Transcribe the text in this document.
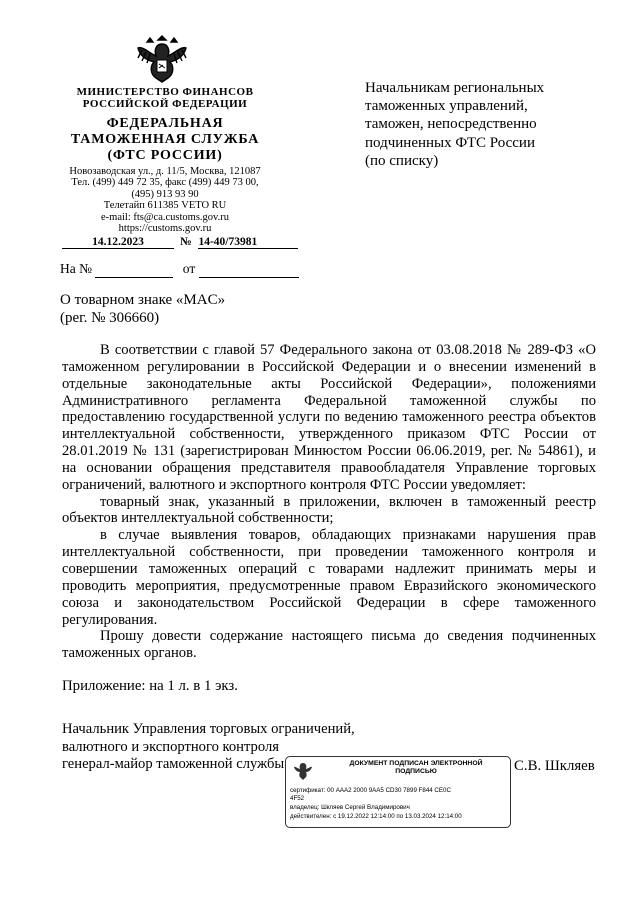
МИНИСТЕРСТВО ФИНАНСОВ
РОССИЙСКОЙ ФЕДЕРАЦИИ
ФЕДЕРАЛЬНАЯ
ТАМОЖЕННАЯ СЛУЖБА
(ФТС РОССИИ)
Новозаводская ул., д. 11/5, Москва, 121087
Тел. (499) 449 72 35, факс (499) 449 73 00,
(495) 913 93 90
Телетайп 611385 VETO RU
e-mail: fts@ca.customs.gov.ru
https://customs.gov.ru
14.12.2023	№ 14-40/73981
На №	от
Начальникам региональных
таможенных управлений,
таможен, непосредственно
подчиненных ФТС России
(по списку)
О товарном знаке «MAC»
(рег. № 306660)

В соответствии с главой 57 Федерального закона от 03.08.2018 № 289-ФЗ «О таможенном регулировании в Российской Федерации и о внесении изменений в отдельные законодательные акты Российской Федерации», положениями Административного регламента Федеральной таможенной службы по предоставлению государственной услуги по ведению таможенного реестра объектов интеллектуальной собственности, утвержденного приказом ФТС России от 28.01.2019 № 131 (зарегистрирован Минюстом России 06.06.2019, рег. № 54861), и на основании обращения представителя правообладателя Управление торговых ограничений, валютного и экспортного контроля ФТС России уведомляет:

товарный знак, указанный в приложении, включен в таможенный реестр объектов интеллектуальной собственности;

в случае выявления товаров, обладающих признаками нарушения прав интеллектуальной собственности, при проведении таможенного контроля и совершении таможенных операций с товарами надлежит принимать меры и проводить мероприятия, предусмотренные правом Евразийского экономического союза и законодательством Российской Федерации в сфере таможенного регулирования.

Прошу довести содержание настоящего письма до сведения подчиненных таможенных органов.

Приложение: на 1 л. в 1 экз.
Начальник Управления торговых ограничений,
валютного и экспортного контроля
генерал-майор таможенной службы	С.В. Шкляев
ДОКУМЕНТ ПОДПИСАН ЭЛЕКТРОННОЙ
ПОДПИСЬЮ
сертификат: 00 AAA2 2000 9AA5 CD30 7899 F844 CE0C
4F52
владелец: Шкляев Сергей Владимирович
действителен: с 19.12.2022 12:14:00 по 13.03.2024 12:14:00
